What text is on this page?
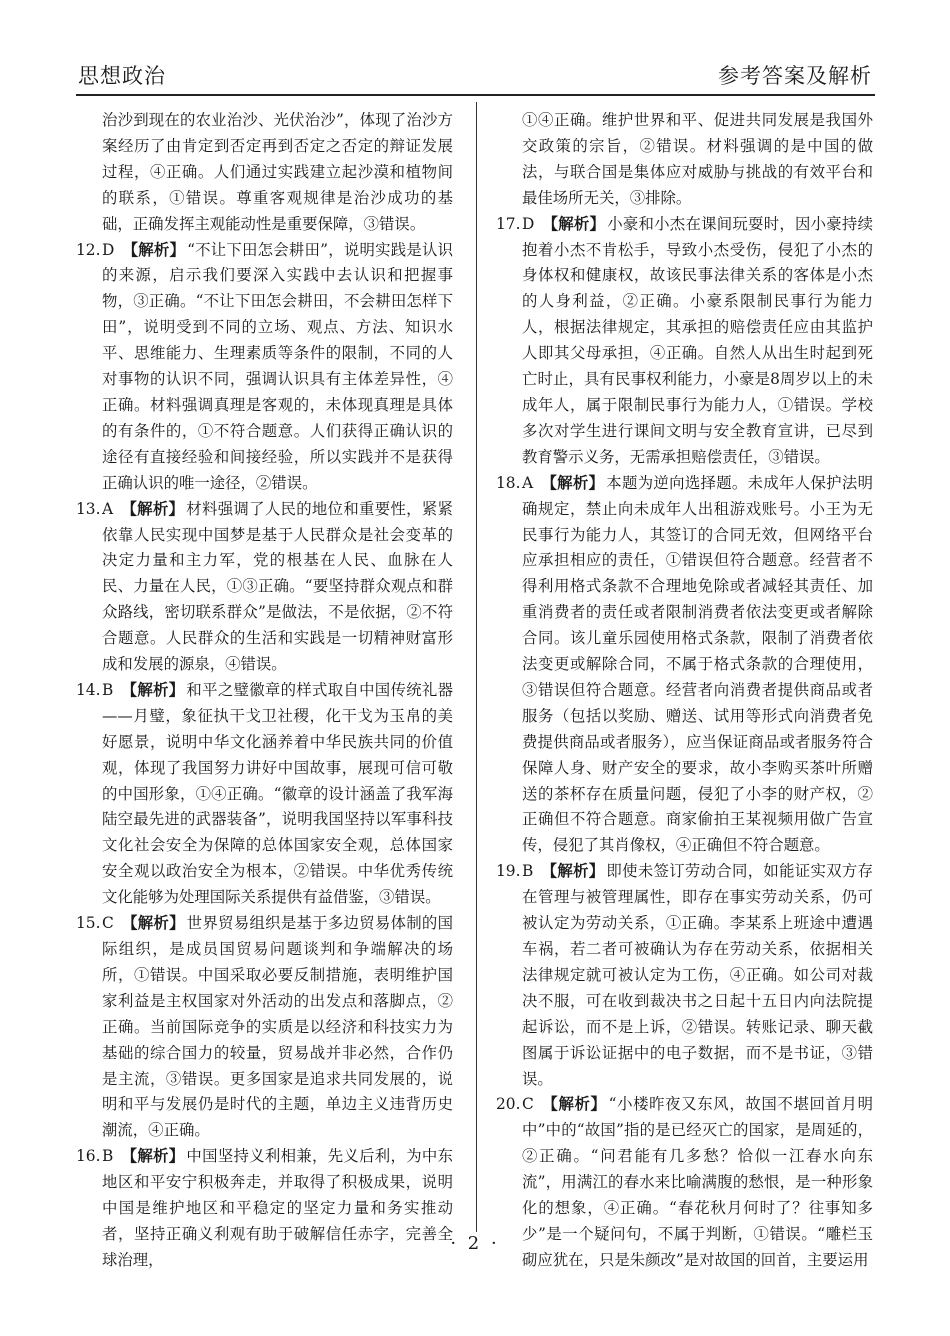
思想政治	参考答案及解析

治沙到现在的农业治沙、光伏治沙”，体现了治沙方案经历了由肯定到否定再到否定之否定的辩证发展过程，④正确。人们通过实践建立起沙漠和植物间的联系，①错误。尊重客观规律是治沙成功的基础，正确发挥主观能动性是重要保障，③错误。

12.D 【解析】 “不让下田怎会耕田”，说明实践是认识的来源，启示我们要深入实践中去认识和把握事物，③正确。“不让下田怎会耕田，不会耕田怎样下田”，说明受到不同的立场、观点、方法、知识水平、思维能力、生理素质等条件的限制，不同的人对事物的认识不同，强调认识具有主体差异性，④正确。材料强调真理是客观的，未体现真理是具体的有条件的，①不符合题意。人们获得正确认识的途径有直接经验和间接经验，所以实践并不是获得正确认识的唯一途径，②错误。

13.A 【解析】 材料强调了人民的地位和重要性，紧紧依靠人民实现中国梦是基于人民群众是社会变革的决定力量和主力军，党的根基在人民、血脉在人民、力量在人民，①③正确。“要坚持群众观点和群众路线，密切联系群众”是做法，不是依据，②不符合题意。人民群众的生活和实践是一切精神财富形成和发展的源泉，④错误。

14.B 【解析】 和平之璧徽章的样式取自中国传统礼器——月璧，象征执干戈卫社稷，化干戈为玉帛的美好愿景，说明中华文化涵养着中华民族共同的价值观，体现了我国努力讲好中国故事，展现可信可敬的中国形象，①④正确。“徽章的设计涵盖了我军海陆空最先进的武器装备”，说明我国坚持以军事科技文化社会安全为保障的总体国家安全观，总体国家安全观以政治安全为根本，②错误。中华优秀传统文化能够为处理国际关系提供有益借鉴，③错误。

15.C 【解析】 世界贸易组织是基于多边贸易体制的国际组织，是成员国贸易问题谈判和争端解决的场所，①错误。中国采取必要反制措施，表明维护国家利益是主权国家对外活动的出发点和落脚点，②正确。当前国际竞争的实质是以经济和科技实力为基础的综合国力的较量，贸易战并非必然，合作仍是主流，③错误。更多国家是追求共同发展的，说明和平与发展仍是时代的主题，单边主义违背历史潮流，④正确。

16.B 【解析】 中国坚持义利相兼，先义后利，为中东地区和平安宁积极奔走，并取得了积极成果，说明中国是维护地区和平稳定的坚定力量和务实推动者，坚持正确义利观有助于破解信任赤字，完善全球治理，

①④正确。维护世界和平、促进共同发展是我国外交政策的宗旨，②错误。材料强调的是中国的做法，与联合国是集体应对威胁与挑战的有效平台和最佳场所无关，③排除。

17.D 【解析】 小豪和小杰在课间玩耍时，因小豪持续抱着小杰不肯松手，导致小杰受伤，侵犯了小杰的身体权和健康权，故该民事法律关系的客体是小杰的人身利益，②正确。小豪系限制民事行为能力人，根据法律规定，其承担的赔偿责任应由其监护人即其父母承担，④正确。自然人从出生时起到死亡时止，具有民事权利能力，小豪是8周岁以上的未成年人，属于限制民事行为能力人，①错误。学校多次对学生进行课间文明与安全教育宣讲，已尽到教育警示义务，无需承担赔偿责任，③错误。

18.A 【解析】 本题为逆向选择题。未成年人保护法明确规定，禁止向未成年人出租游戏账号。小王为无民事行为能力人，其签订的合同无效，但网络平台应承担相应的责任，①错误但符合题意。经营者不得利用格式条款不合理地免除或者减轻其责任、加重消费者的责任或者限制消费者依法变更或者解除合同。该儿童乐园使用格式条款，限制了消费者依法变更或解除合同，不属于格式条款的合理使用，③错误但符合题意。经营者向消费者提供商品或者服务（包括以奖励、赠送、试用等形式向消费者免费提供商品或者服务），应当保证商品或者服务符合保障人身、财产安全的要求，故小李购买茶叶所赠送的茶杯存在质量问题，侵犯了小李的财产权，②正确但不符合题意。商家偷拍王某视频用做广告宣传，侵犯了其肖像权，④正确但不符合题意。

19.B 【解析】 即使未签订劳动合同，如能证实双方存在管理与被管理属性，即存在事实劳动关系，仍可被认定为劳动关系，①正确。李某系上班途中遭遇车祸，若二者可被确认为存在劳动关系，依据相关法律规定就可被认定为工伤，④正确。如公司对裁决不服，可在收到裁决书之日起十五日内向法院提起诉讼，而不是上诉，②错误。转账记录、聊天截图属于诉讼证据中的电子数据，而不是书证，③错误。

20.C 【解析】 “小楼昨夜又东风，故国不堪回首月明中”中的“故国”指的是已经灭亡的国家，是周延的，②正确。“问君能有几多愁？恰似一江春水向东流”，用满江的春水来比喻满腹的愁恨，是一种形象化的想象，④正确。“春花秋月何时了？往事知多少”是一个疑问句，不属于判断，①错误。“雕栏玉砌应犹在，只是朱颜改”是对故国的回首，主要运用

· 2 ·
